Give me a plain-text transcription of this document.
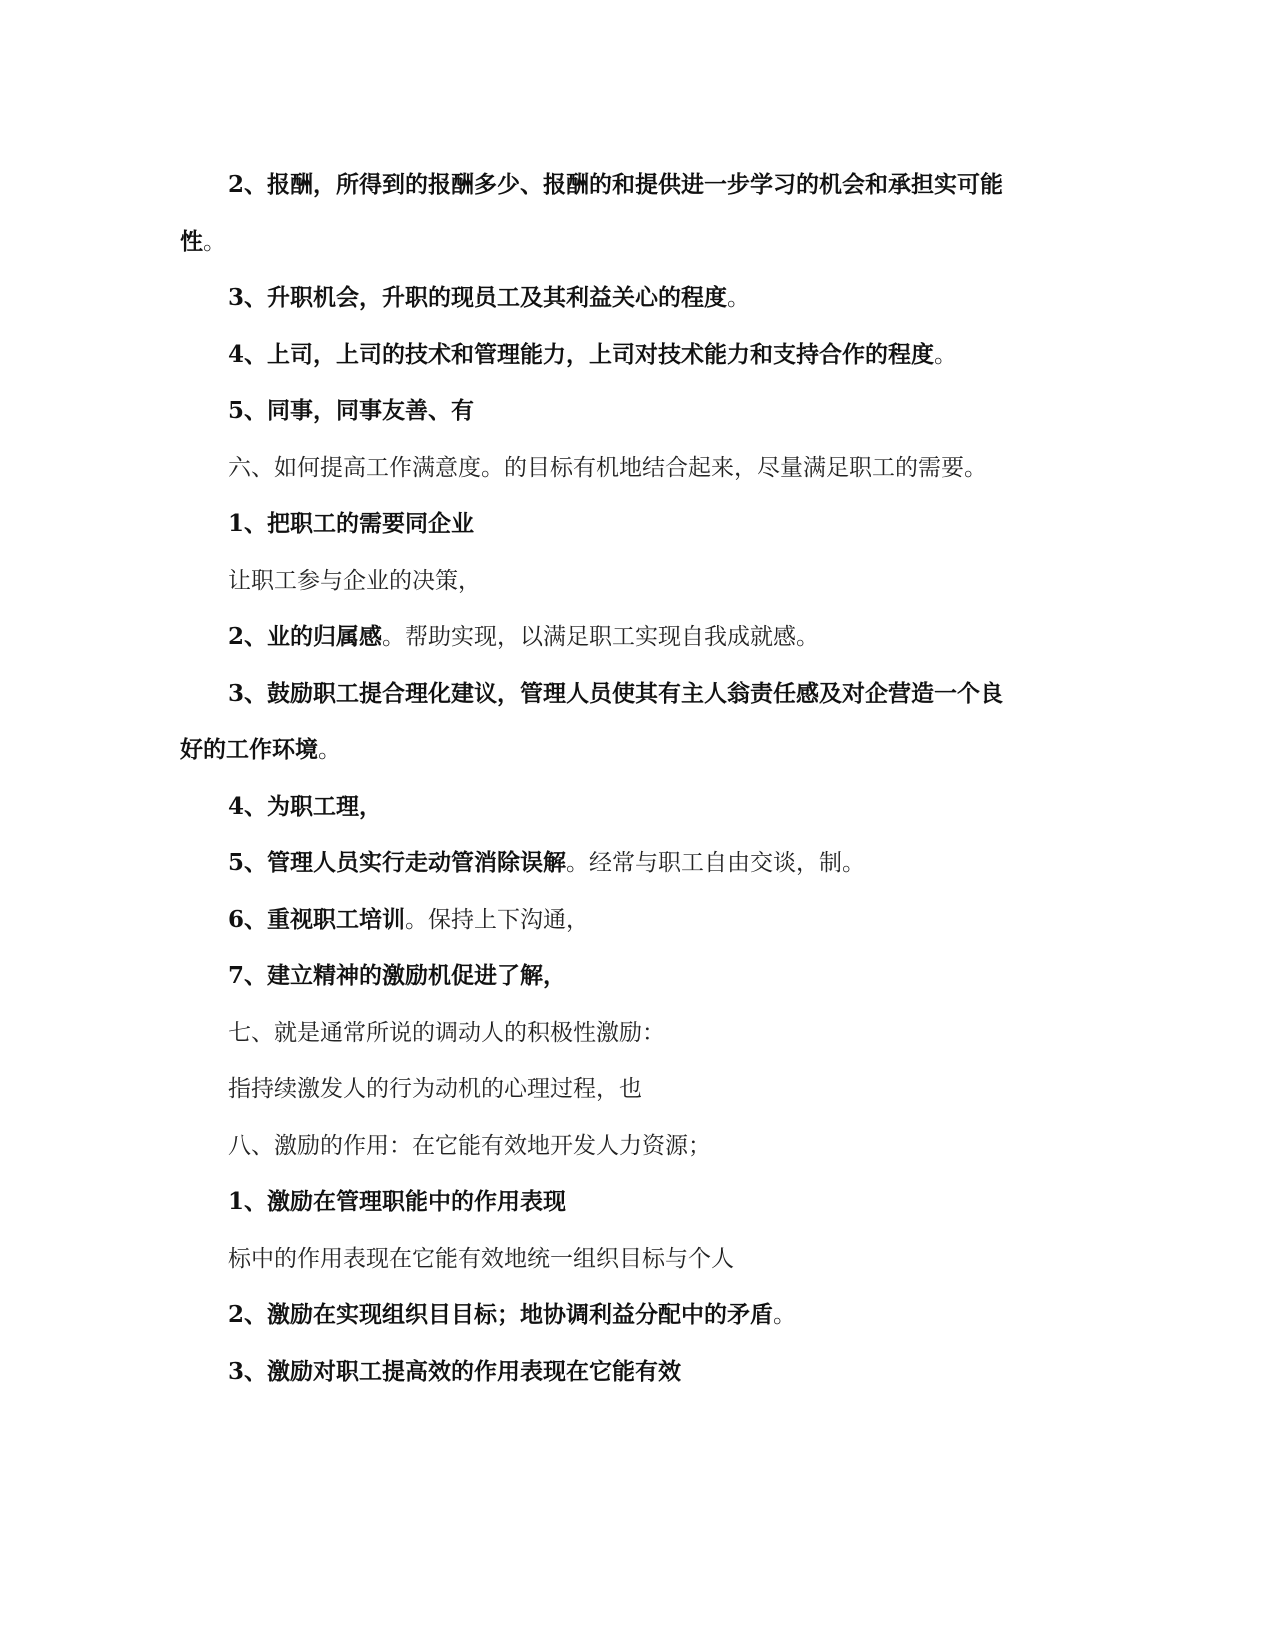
2、报酬，所得到的报酬多少、报酬的和提供进一步学习的机会和承担实可能
性。
3、升职机会，升职的现员工及其利益关心的程度。
4、上司，上司的技术和管理能力，上司对技术能力和支持合作的程度。
5、同事，同事友善、有
六、如何提高工作满意度。的目标有机地结合起来，尽量满足职工的需要。
1、把职工的需要同企业
让职工参与企业的决策，
2、业的归属感。帮助实现，以满足职工实现自我成就感。
3、鼓励职工提合理化建议，管理人员使其有主人翁责任感及对企营造一个良
好的工作环境。
4、为职工理，
5、管理人员实行走动管消除误解。经常与职工自由交谈，制。
6、重视职工培训。保持上下沟通，
7、建立精神的激励机促进了解，
七、就是通常所说的调动人的积极性激励：
指持续激发人的行为动机的心理过程，也
八、激励的作用：在它能有效地开发人力资源；
1、激励在管理职能中的作用表现
标中的作用表现在它能有效地统一组织目标与个人
2、激励在实现组织目目标；地协调利益分配中的矛盾。
3、激励对职工提高效的作用表现在它能有效
